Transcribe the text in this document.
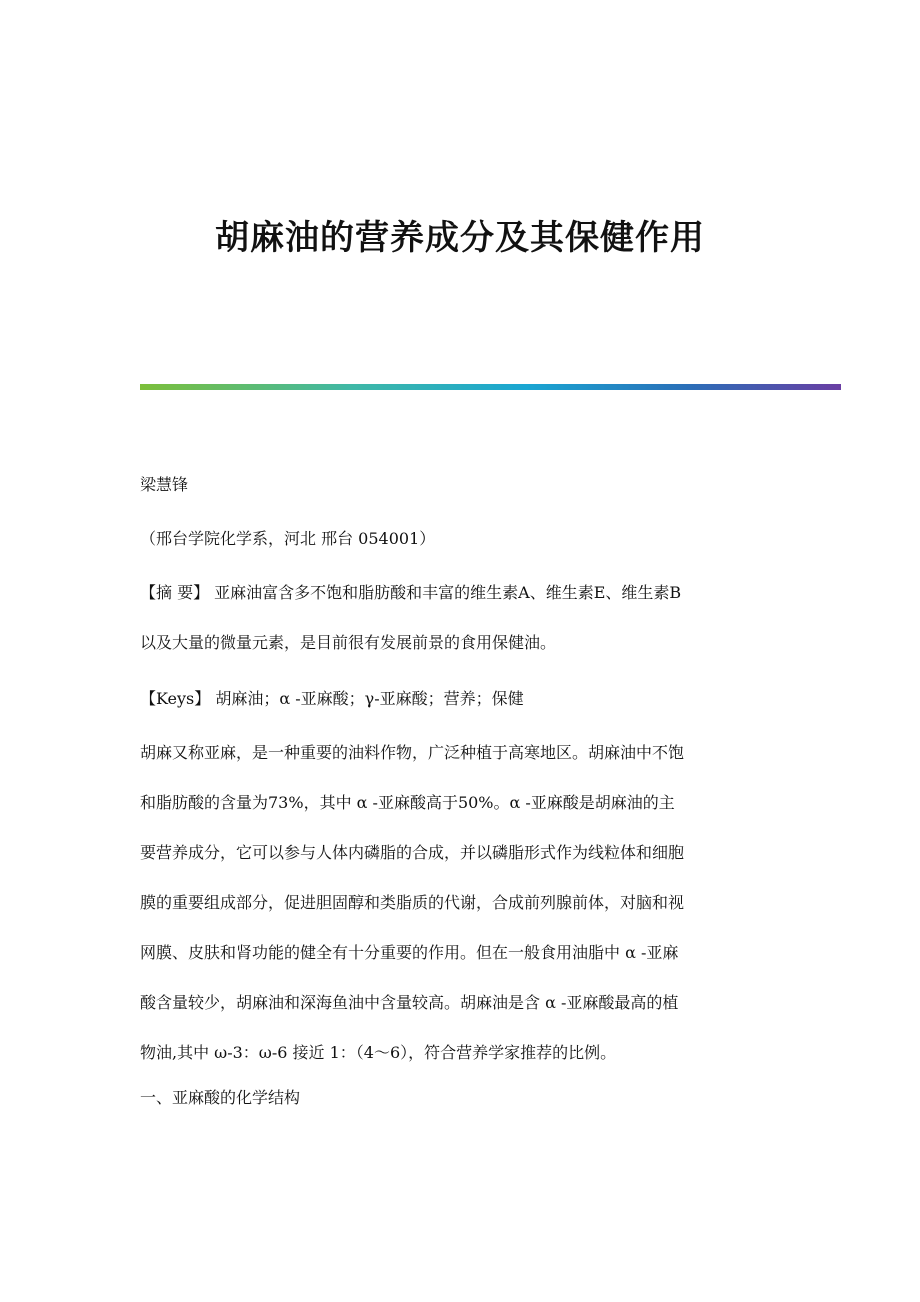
胡麻油的营养成分及其保健作用

梁慧锋

（邢台学院化学系，河北 邢台 054001）

【摘 要】 亚麻油富含多不饱和脂肪酸和丰富的维生素A、维生素E、维生素B
以及大量的微量元素，是目前很有发展前景的食用保健油。

【Keys】 胡麻油；α -亚麻酸；γ-亚麻酸；营养；保健

胡麻又称亚麻，是一种重要的油料作物，广泛种植于高寒地区。胡麻油中不饱
和脂肪酸的含量为73%，其中 α -亚麻酸高于50%。α -亚麻酸是胡麻油的主
要营养成分，它可以参与人体内磷脂的合成，并以磷脂形式作为线粒体和细胞
膜的重要组成部分，促进胆固醇和类脂质的代谢，合成前列腺前体，对脑和视
网膜、皮肤和肾功能的健全有十分重要的作用。但在一般食用油脂中 α -亚麻
酸含量较少，胡麻油和深海鱼油中含量较高。胡麻油是含 α -亚麻酸最高的植
物油,其中 ω-3：ω-6 接近 1：（4～6），符合营养学家推荐的比例。

一、亚麻酸的化学结构
